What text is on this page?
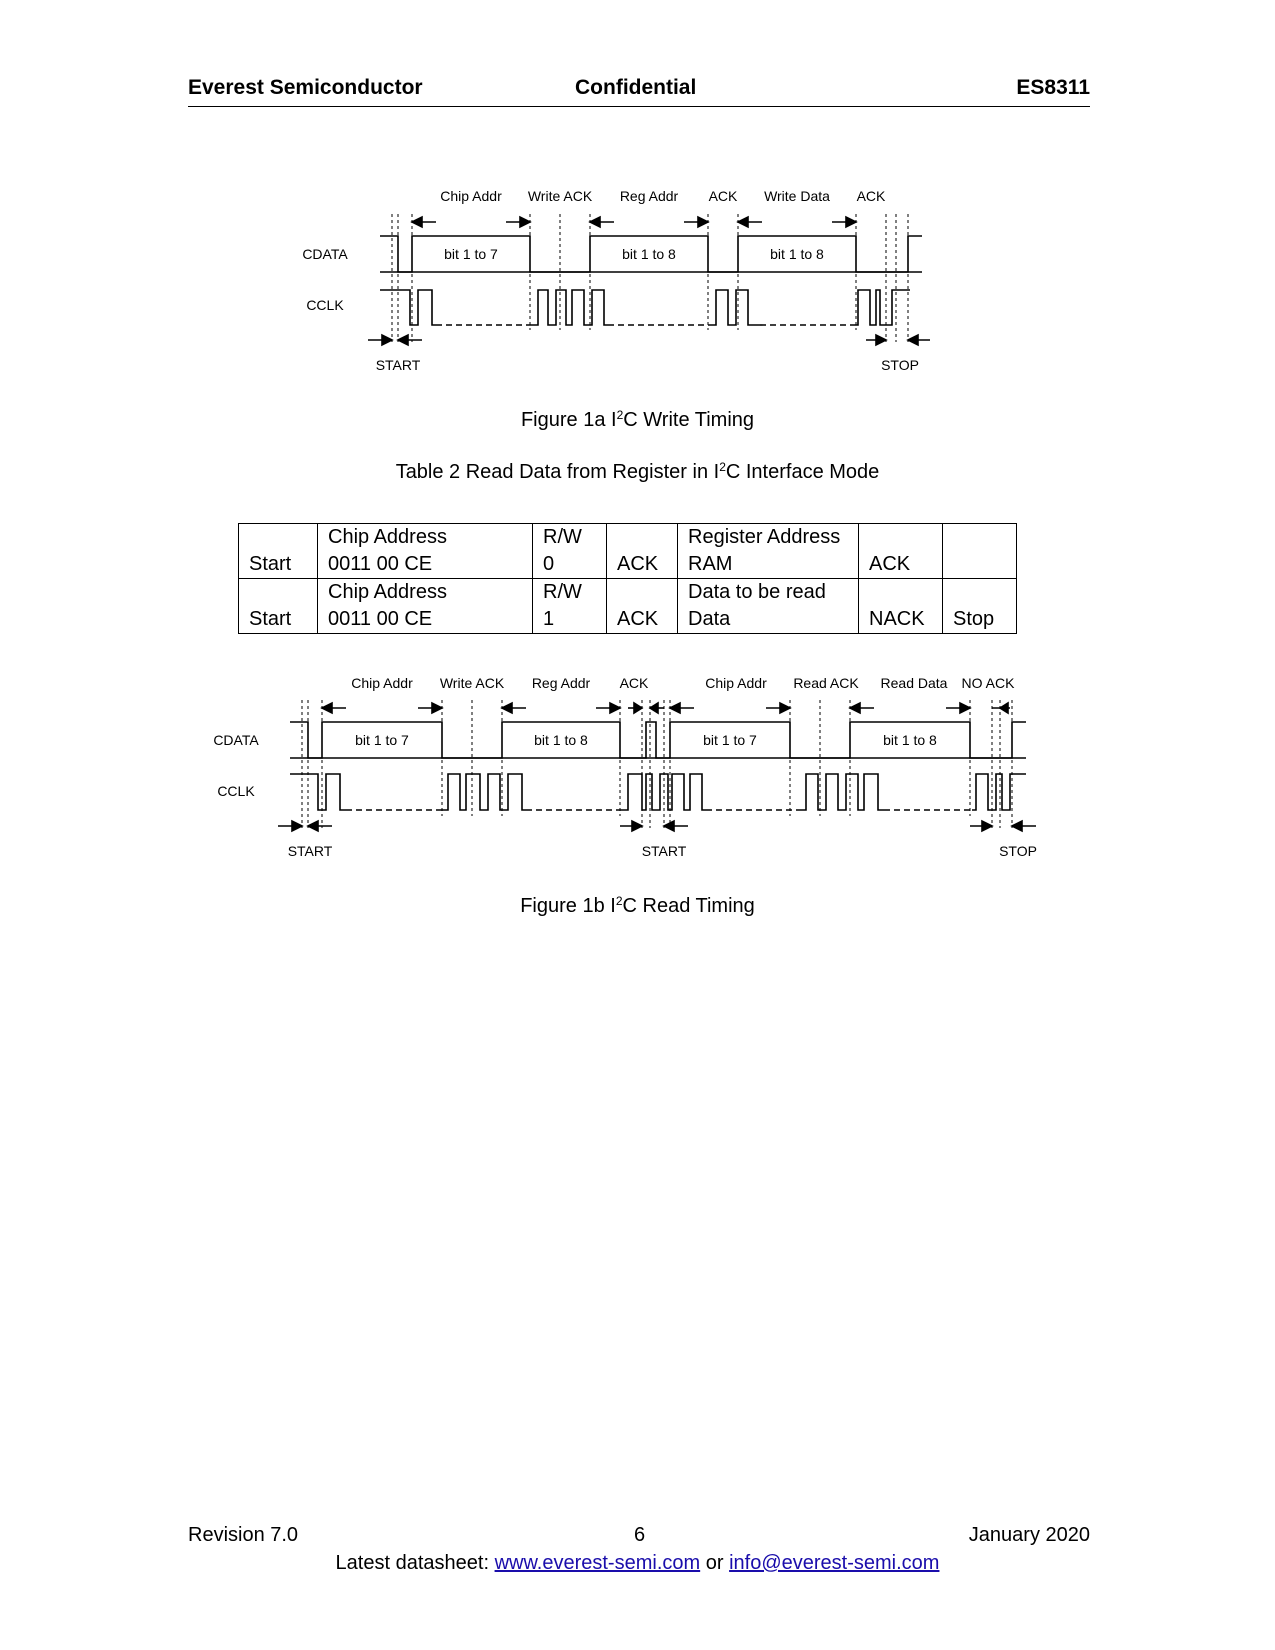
Everest Semiconductor	Confidential	ES8311
Chip Addr Write ACK Reg Addr ACK Write Data ACK
bit 1 to 7	bit 1 to 8	bit 1 to 8
CDATA
CCLK
START	STOP
Figure 1a $I^2C$ Write Timing
Table 2 Read Data from Register in $I^2C$ Interface Mode
	Chip Address	R/W		Register Address		
Start	0011 00 CE	0	ACK	RAM	ACK	
	Chip Address	R/W		Data to be read		
Start	0011 00 CE	1	ACK	Data	NACK	Stop
Chip Addr Write ACK Reg Addr ACK	Chip Addr Read ACK Read Data NO ACK
bit 1 to 7	bit 1 to 8	bit 1 to 7	bit 1 to 8
CDATA
CCLK
START	START	STOP
Figure 1b $I^2C$ Read Timing
Revision 7.0	6	January 2020
Latest datasheet: www.everest-semi.com or info@everest-semi.com
